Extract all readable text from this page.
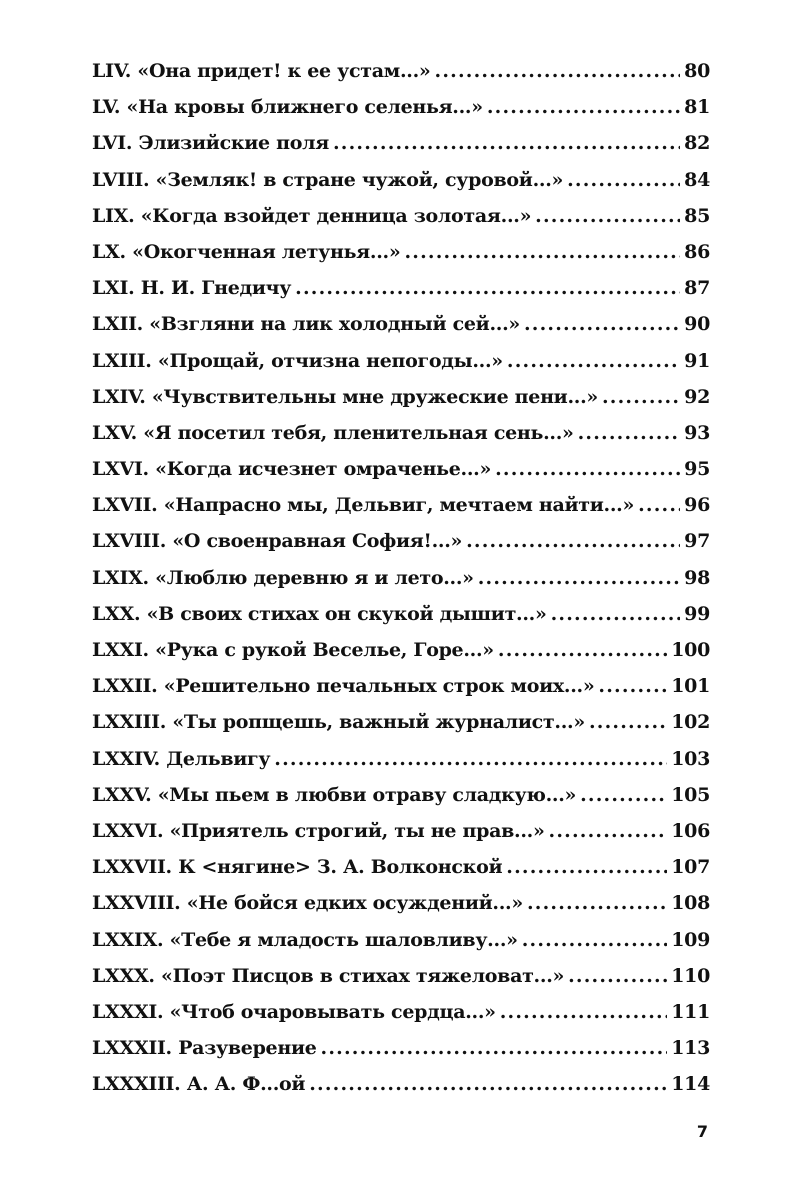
LIV. «Она придет! к ее устам...» .....	80
LV. «На кровы ближнего селенья...» .....	81
LVI. Элизийские поля .....	82
LVIII. «Земляк! в стране чужой, суровой...» .....	84
LIX. «Когда взойдет денница золотая...» .....	85
LX. «Окогченная летунья...» .....	86
LXI. Н. И. Гнедичу .....	87
LXII. «Взгляни на лик холодный сей...» .....	90
LXIII. «Прощай, отчизна непогоды...» .....	91
LXIV. «Чувствительны мне дружеские пени...» .....	92
LXV. «Я посетил тебя, пленительная сень...» .....	93
LXVI. «Когда исчезнет омраченье...» .....	95
LXVII. «Напрасно мы, Дельвиг, мечтаем найти...» .....	96
LXVIII. «О своенравная София!...» .....	97
LXIX. «Люблю деревню я и лето...» .....	98
LXX. «В своих стихах он скукой дышит...» .....	99
LXXI. «Рука с рукой Веселье, Горе...» .....	100
LXXII. «Решительно печальных строк моих...» .....	101
LXXIII. «Ты ропщешь, важный журналист...» .....	102
LXXIV. Дельвигу .....	103
LXXV. «Мы пьем в любви отраву сладкую...» .....	105
LXXVI. «Приятель строгий, ты не прав...» .....	106
LXXVII. К <нягине> З. А. Волконской .....	107
LXXVIII. «Не бойся едких осуждений...» .....	108
LXXIX. «Тебе я младость шаловливу...» .....	109
LXXX. «Поэт Писцов в стихах тяжеловат...» .....	110
LXXXI. «Чтоб очаровывать сердца...» .....	111
LXXXII. Разуверение .....	113
LXXXIII. А. А. Ф...ой .....	114
7
